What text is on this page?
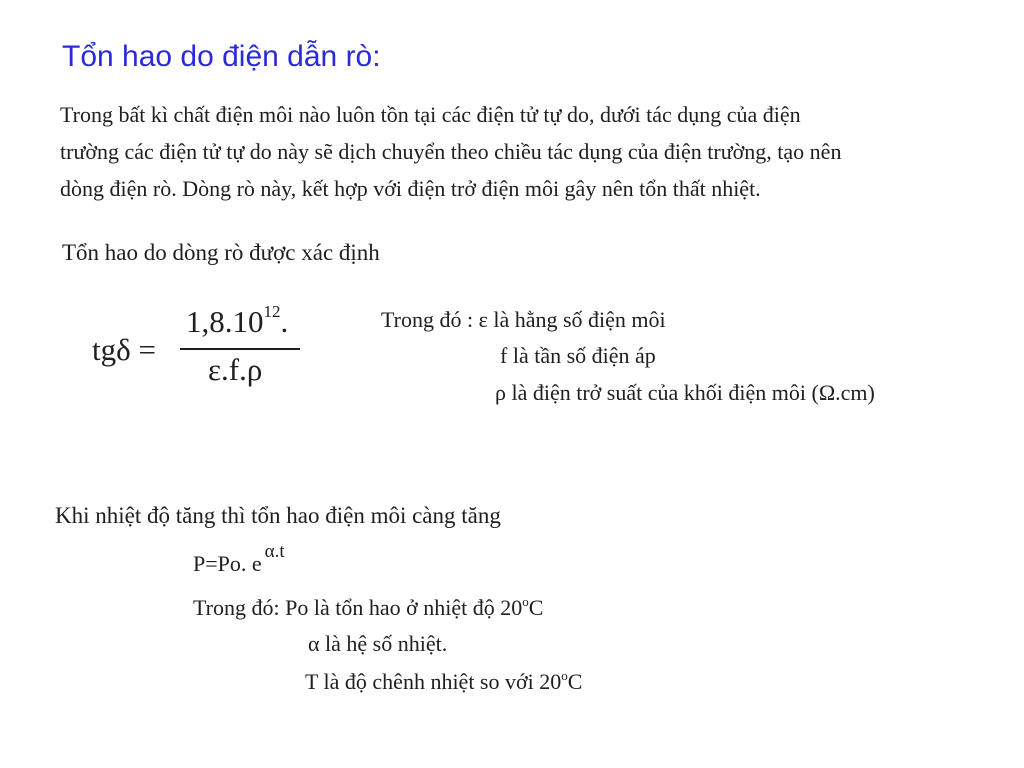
Tổn hao do điện dẫn rò:
Trong bất kì chất điện môi nào luôn tồn tại các điện tử tự do, dưới tác dụng của điện
trường các điện tử tự do này sẽ dịch chuyển theo chiều tác dụng của điện trường, tạo nên
dòng điện rò. Dòng rò này, kết hợp với điện trở điện môi gây nên tổn thất nhiệt.
Tổn hao do dòng rò được xác định
tgδ =
$1,8.10^{12}$.
ε.f.ρ
Trong đó : ε là hằng số điện môi
f là tần số điện áp
ρ là điện trở suất của khối điện môi (Ω.cm)
Khi nhiệt độ tăng thì tổn hao điện môi càng tăng
P=Po. e $^{\alpha.t}$
Trong đó: Po là tổn hao ở nhiệt độ 20$^o$C
α là hệ số nhiệt.
T là độ chênh nhiệt so với 20$^o$C
